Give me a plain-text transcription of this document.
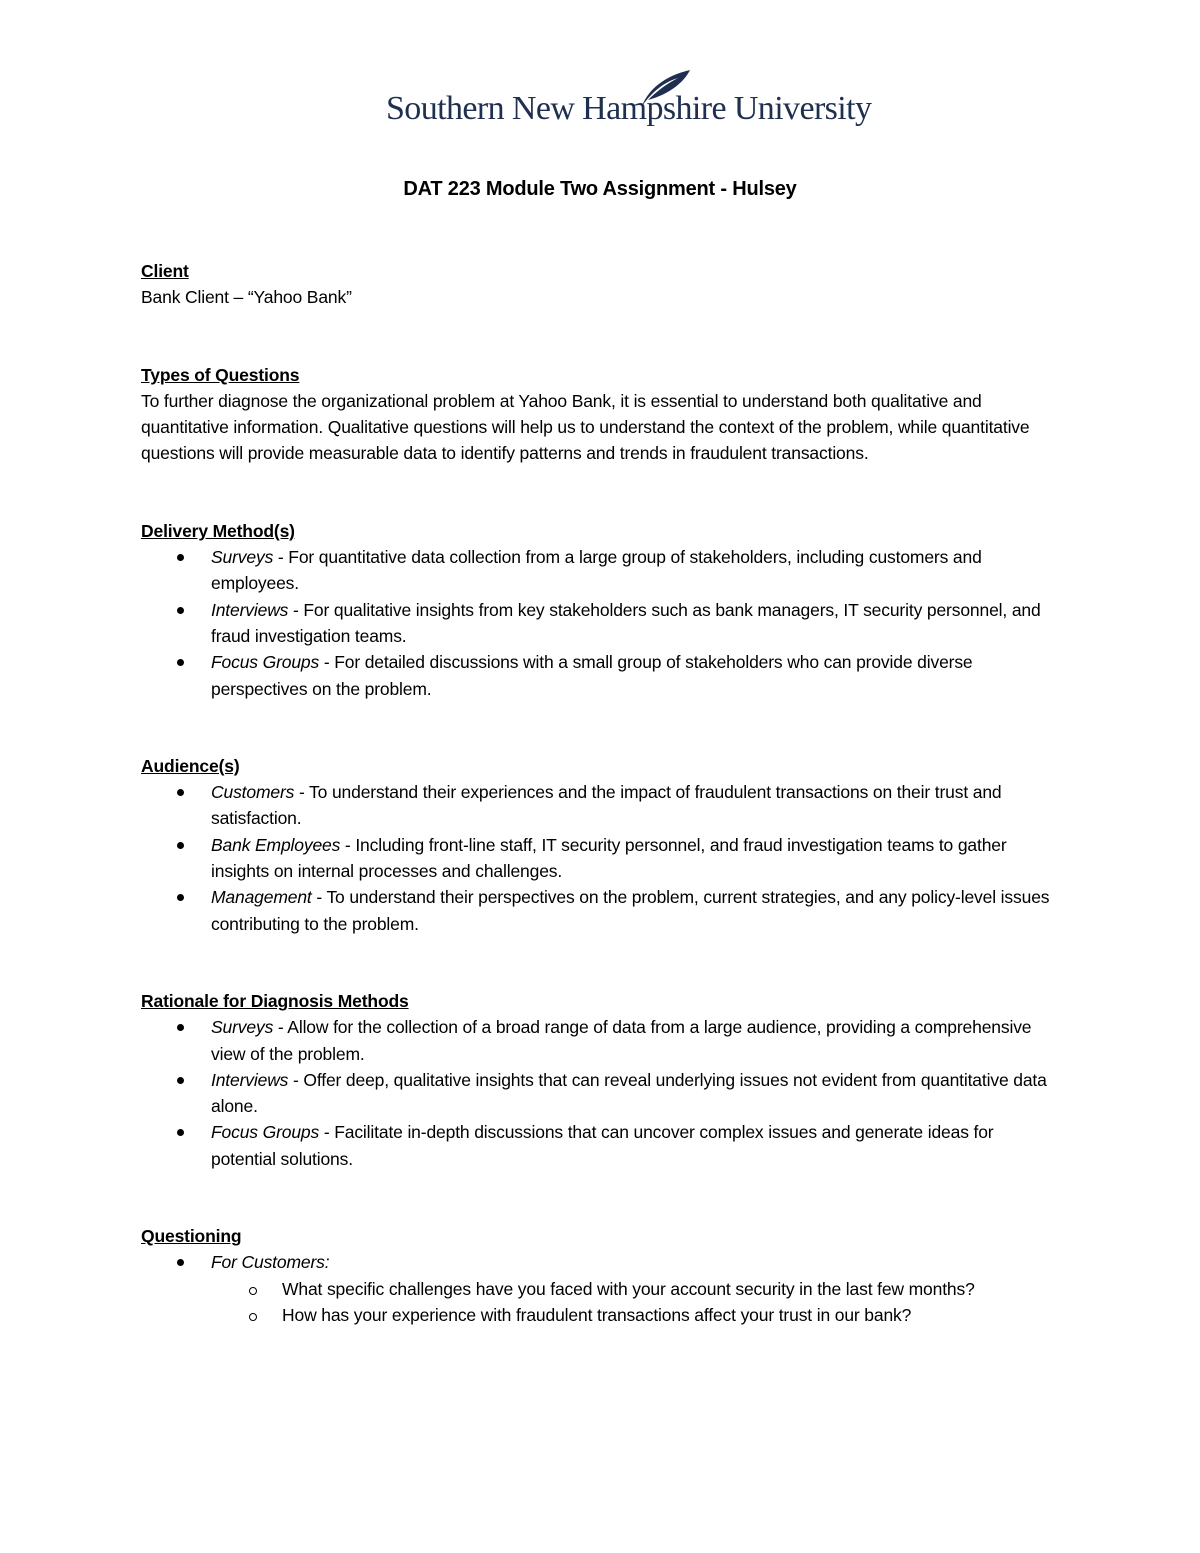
Southern New Hampshire University
DAT 223 Module Two Assignment - Hulsey

Client

Bank Client – “Yahoo Bank”

Types of Questions

To further diagnose the organizational problem at Yahoo Bank, it is essential to understand both qualitative and quantitative information. Qualitative questions will help us to understand the context of the problem, while quantitative questions will provide measurable data to identify patterns and trends in fraudulent transactions.

Delivery Method(s)

Surveys - For quantitative data collection from a large group of stakeholders, including customers and employees.
Interviews - For qualitative insights from key stakeholders such as bank managers, IT security personnel, and fraud investigation teams.
Focus Groups - For detailed discussions with a small group of stakeholders who can provide diverse perspectives on the problem.

Audience(s)

Customers - To understand their experiences and the impact of fraudulent transactions on their trust and satisfaction.
Bank Employees - Including front-line staff, IT security personnel, and fraud investigation teams to gather insights on internal processes and challenges.
Management - To understand their perspectives on the problem, current strategies, and any policy-level issues contributing to the problem.

Rationale for Diagnosis Methods

Surveys - Allow for the collection of a broad range of data from a large audience, providing a comprehensive view of the problem.
Interviews - Offer deep, qualitative insights that can reveal underlying issues not evident from quantitative data alone.
Focus Groups - Facilitate in-depth discussions that can uncover complex issues and generate ideas for potential solutions.

Questioning

For Customers:
What specific challenges have you faced with your account security in the last few months?
How has your experience with fraudulent transactions affect your trust in our bank?
